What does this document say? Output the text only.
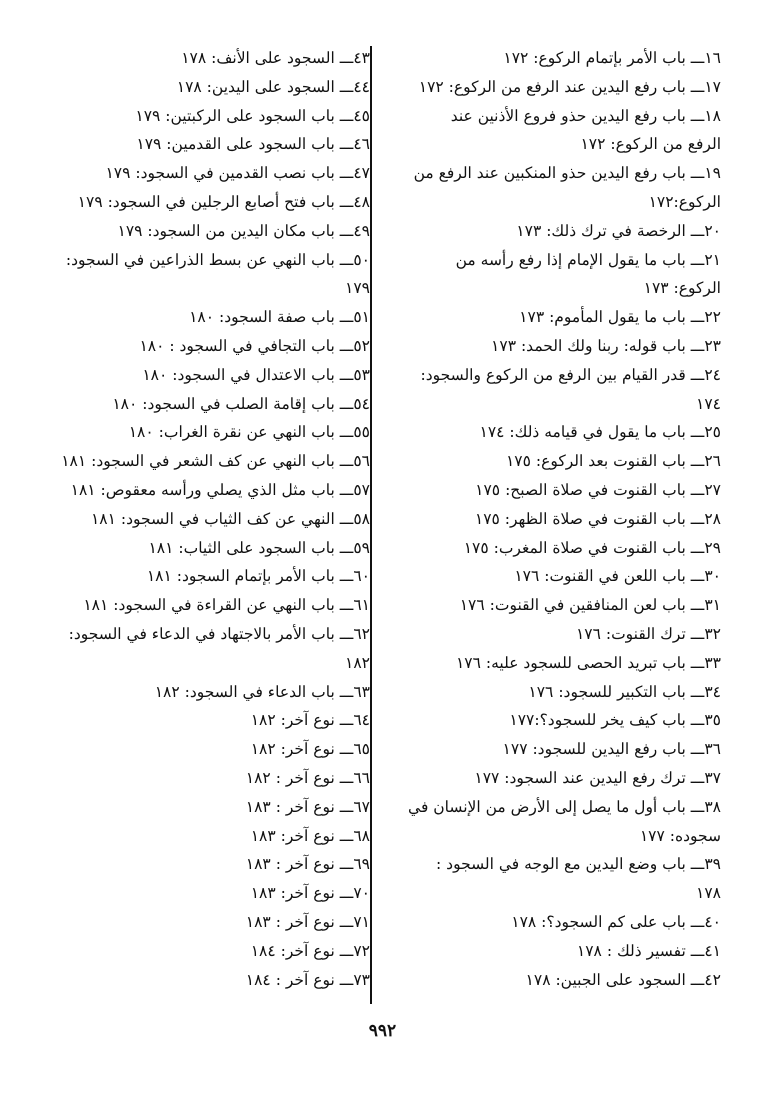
١٦ـــ باب الأمر بإتمام الركوع: ١٧٢
١٧ـــ باب رفع اليدين عند الرفع من الركوع: ١٧٢
١٨ـــ باب رفع اليدين حذو فروع الأذنين عند
الرفع من الركوع: ١٧٢
١٩ـــ باب رفع اليدين حذو المنكبين عند الرفع من
الركوع:١٧٢
٢٠ـــ الرخصة في ترك ذلك: ١٧٣
٢١ـــ باب ما يقول الإمام إذا رفع رأسه من
الركوع: ١٧٣
٢٢ـــ باب ما يقول المأموم: ١٧٣
٢٣ـــ باب قوله: ربنا ولك الحمد: ١٧٣
٢٤ـــ قدر القيام بين الرفع من الركوع والسجود:
١٧٤
٢٥ـــ باب ما يقول في قيامه ذلك: ١٧٤
٢٦ـــ باب القنوت بعد الركوع: ١٧٥
٢٧ـــ باب القنوت في صلاة الصبح: ١٧٥
٢٨ـــ باب القنوت في صلاة الظهر: ١٧٥
٢٩ـــ باب القنوت في صلاة المغرب: ١٧٥
٣٠ـــ باب اللعن في القنوت: ١٧٦
٣١ـــ باب لعن المنافقين في القنوت: ١٧٦
٣٢ـــ ترك القنوت: ١٧٦
٣٣ـــ باب تبريد الحصى للسجود عليه: ١٧٦
٣٤ـــ باب التكبير للسجود: ١٧٦
٣٥ـــ باب كيف يخر للسجود؟:١٧٧
٣٦ـــ باب رفع اليدين للسجود: ١٧٧
٣٧ـــ ترك رفع اليدين عند السجود: ١٧٧
٣٨ـــ باب أول ما يصل إلى الأرض من الإنسان في
سجوده: ١٧٧
٣٩ـــ باب وضع اليدين مع الوجه في السجود :
١٧٨
٤٠ـــ باب على كم السجود؟: ١٧٨
٤١ـــ تفسير ذلك : ١٧٨
٤٢ـــ السجود على الجبين: ١٧٨
٤٣ـــ السجود على الأنف: ١٧٨
٤٤ـــ السجود على اليدين: ١٧٨
٤٥ـــ باب السجود على الركبتين: ١٧٩
٤٦ـــ باب السجود على القدمين: ١٧٩
٤٧ـــ باب نصب القدمين في السجود: ١٧٩
٤٨ـــ باب فتح أصابع الرجلين في السجود: ١٧٩
٤٩ـــ باب مكان اليدين من السجود: ١٧٩
٥٠ـــ باب النهي عن بسط الذراعين في السجود:
١٧٩
٥١ـــ باب صفة السجود: ١٨٠
٥٢ـــ باب التجافي في السجود : ١٨٠
٥٣ـــ باب الاعتدال في السجود: ١٨٠
٥٤ـــ باب إقامة الصلب في السجود: ١٨٠
٥٥ـــ باب النهي عن نقرة الغراب: ١٨٠
٥٦ـــ باب النهي عن كف الشعر في السجود: ١٨١
٥٧ـــ باب مثل الذي يصلي ورأسه معقوص: ١٨١
٥٨ـــ النهي عن كف الثياب في السجود: ١٨١
٥٩ـــ باب السجود على الثياب: ١٨١
٦٠ـــ باب الأمر بإتمام السجود: ١٨١
٦١ـــ باب النهي عن القراءة في السجود: ١٨١
٦٢ـــ باب الأمر بالاجتهاد في الدعاء في السجود:
١٨٢
٦٣ـــ باب الدعاء في السجود: ١٨٢
٦٤ـــ نوع آخر: ١٨٢
٦٥ـــ نوع آخر: ١٨٢
٦٦ـــ نوع آخر : ١٨٢
٦٧ـــ نوع آخر : ١٨٣
٦٨ـــ نوع آخر: ١٨٣
٦٩ـــ نوع آخر : ١٨٣
٧٠ـــ نوع آخر: ١٨٣
٧١ـــ نوع آخر : ١٨٣
٧٢ـــ نوع آخر: ١٨٤
٧٣ـــ نوع آخر : ١٨٤
٩٩٢
